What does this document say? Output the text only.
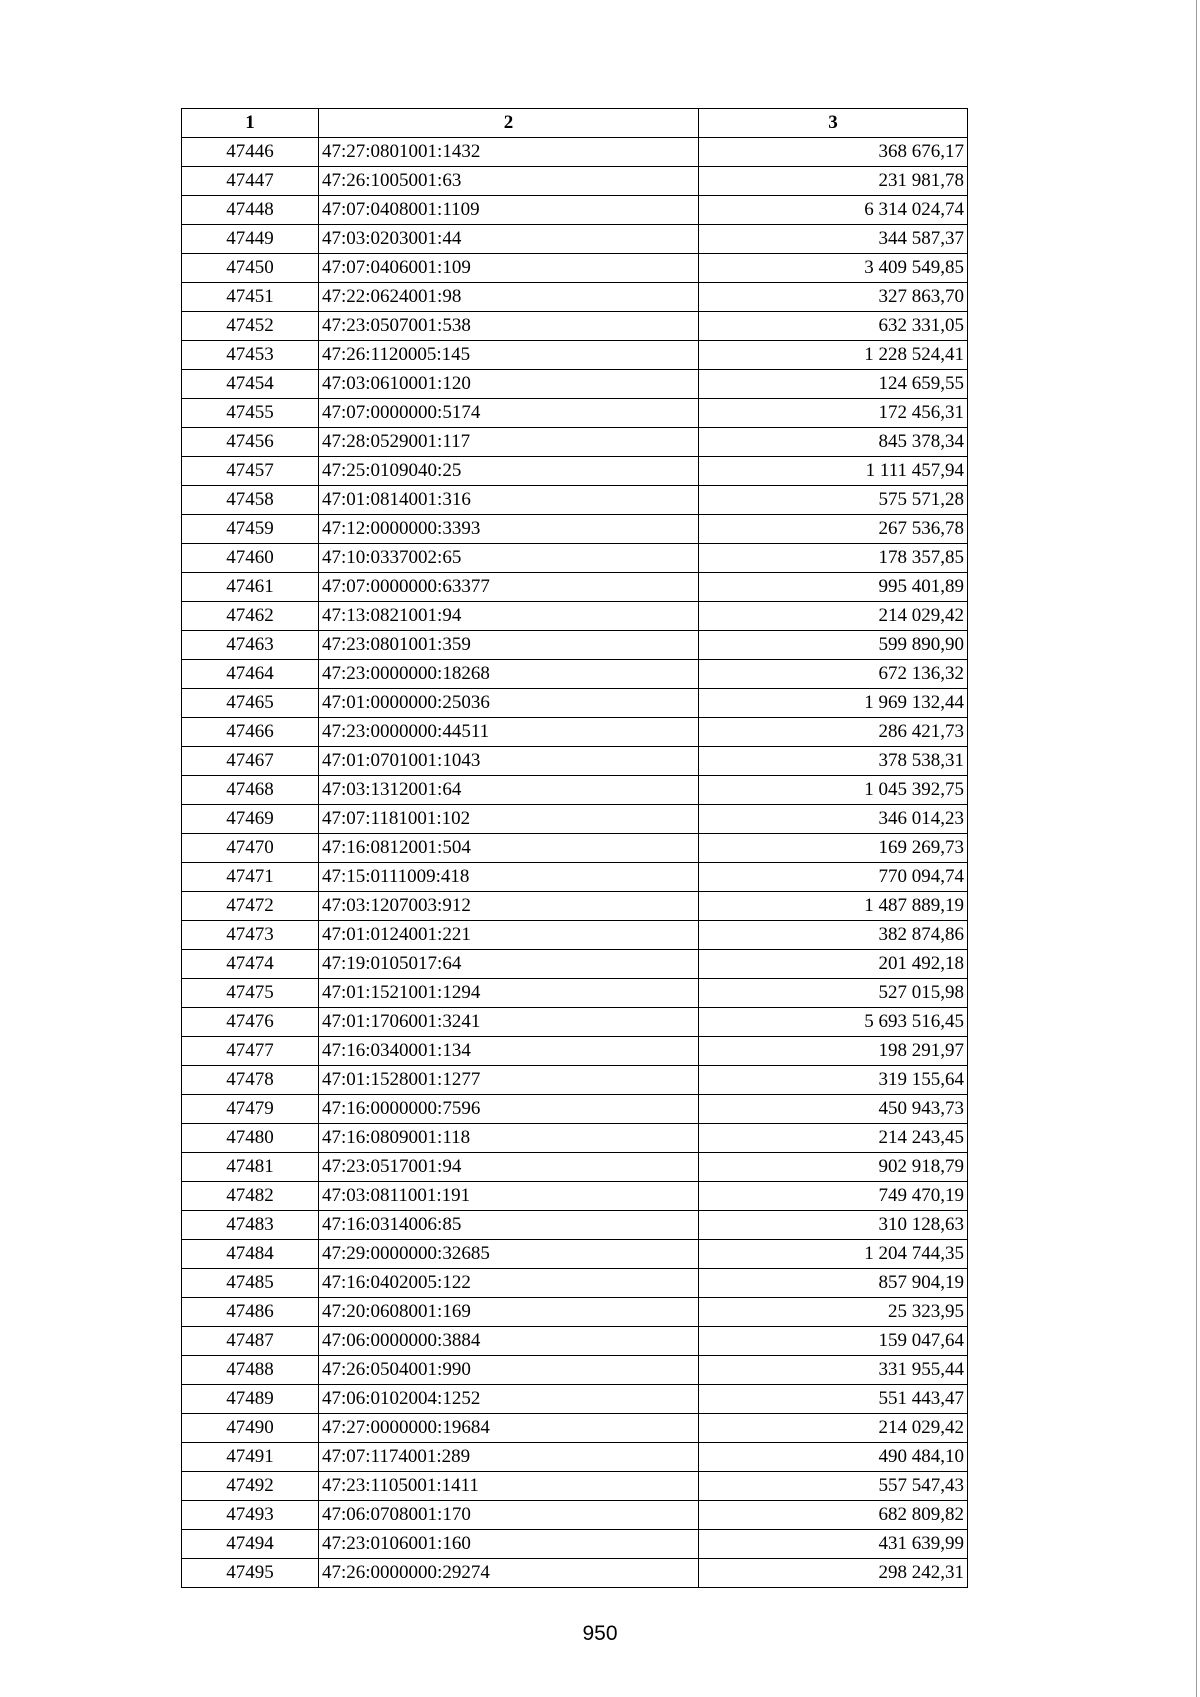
1	2	3
47446	47:27:0801001:1432	368 676,17
47447	47:26:1005001:63	231 981,78
47448	47:07:0408001:1109	6 314 024,74
47449	47:03:0203001:44	344 587,37
47450	47:07:0406001:109	3 409 549,85
47451	47:22:0624001:98	327 863,70
47452	47:23:0507001:538	632 331,05
47453	47:26:1120005:145	1 228 524,41
47454	47:03:0610001:120	124 659,55
47455	47:07:0000000:5174	172 456,31
47456	47:28:0529001:117	845 378,34
47457	47:25:0109040:25	1 111 457,94
47458	47:01:0814001:316	575 571,28
47459	47:12:0000000:3393	267 536,78
47460	47:10:0337002:65	178 357,85
47461	47:07:0000000:63377	995 401,89
47462	47:13:0821001:94	214 029,42
47463	47:23:0801001:359	599 890,90
47464	47:23:0000000:18268	672 136,32
47465	47:01:0000000:25036	1 969 132,44
47466	47:23:0000000:44511	286 421,73
47467	47:01:0701001:1043	378 538,31
47468	47:03:1312001:64	1 045 392,75
47469	47:07:1181001:102	346 014,23
47470	47:16:0812001:504	169 269,73
47471	47:15:0111009:418	770 094,74
47472	47:03:1207003:912	1 487 889,19
47473	47:01:0124001:221	382 874,86
47474	47:19:0105017:64	201 492,18
47475	47:01:1521001:1294	527 015,98
47476	47:01:1706001:3241	5 693 516,45
47477	47:16:0340001:134	198 291,97
47478	47:01:1528001:1277	319 155,64
47479	47:16:0000000:7596	450 943,73
47480	47:16:0809001:118	214 243,45
47481	47:23:0517001:94	902 918,79
47482	47:03:0811001:191	749 470,19
47483	47:16:0314006:85	310 128,63
47484	47:29:0000000:32685	1 204 744,35
47485	47:16:0402005:122	857 904,19
47486	47:20:0608001:169	25 323,95
47487	47:06:0000000:3884	159 047,64
47488	47:26:0504001:990	331 955,44
47489	47:06:0102004:1252	551 443,47
47490	47:27:0000000:19684	214 029,42
47491	47:07:1174001:289	490 484,10
47492	47:23:1105001:1411	557 547,43
47493	47:06:0708001:170	682 809,82
47494	47:23:0106001:160	431 639,99
47495	47:26:0000000:29274	298 242,31
950
